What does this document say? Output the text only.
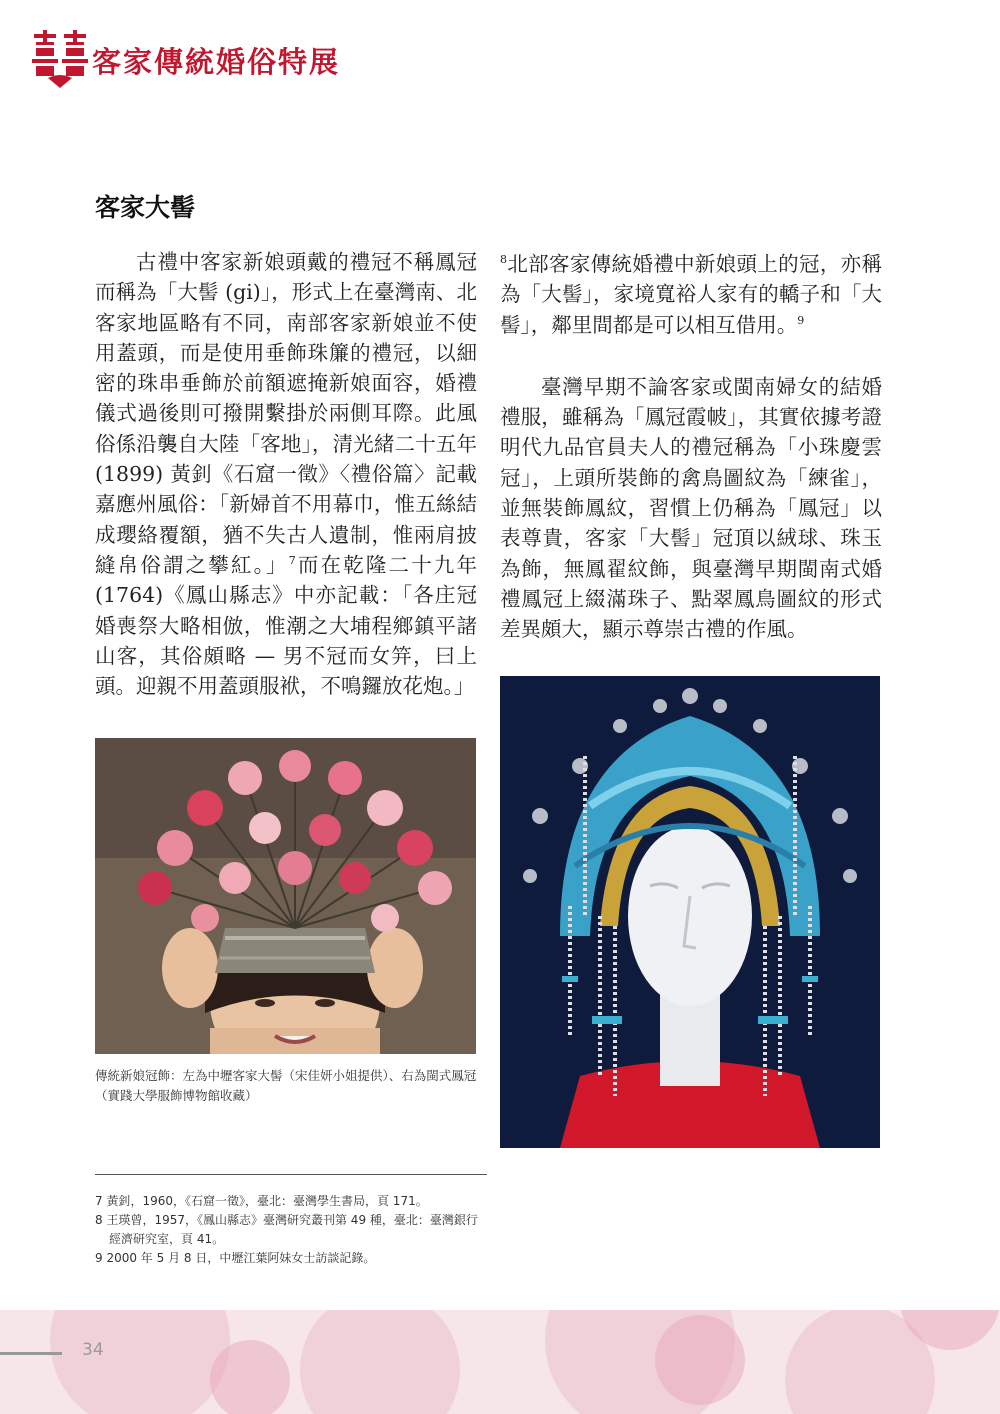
客家傳統婚俗特展
客家大髻

古禮中客家新娘頭戴的禮冠不稱鳳冠而稱為「大髻 (gi)」，形式上在臺灣南、北客家地區略有不同，南部客家新娘並不使用蓋頭，而是使用垂飾珠簾的禮冠，以細密的珠串垂飾於前額遮掩新娘面容，婚禮儀式過後則可撥開繫掛於兩側耳際。此風俗係沿襲自大陸「客地」，清光緒二十五年 (1899) 黃釗《石窟一徵》〈禮俗篇〉記載嘉應州風俗：「新婦首不用幕巾，惟五絲結成瓔絡覆額，猶不失古人遺制，惟兩肩披縫帛俗謂之攀紅。」$^7$而在乾隆二十九年 (1764)《鳳山縣志》中亦記載：「各庄冠婚喪祭大略相倣，惟潮之大埔程鄉鎮平諸山客，其俗頗略 — 男不冠而女笄，曰上頭。迎親不用蓋頭服袱，不鳴鑼放花炮。」

$^8$北部客家傳統婚禮中新娘頭上的冠，亦稱為「大髻」，家境寬裕人家有的轎子和「大髻」，鄰里間都是可以相互借用。$^9$

臺灣早期不論客家或閩南婦女的結婚禮服，雖稱為「鳳冠霞帔」，其實依據考證明代九品官員夫人的禮冠稱為「小珠慶雲冠」，上頭所裝飾的禽鳥圖紋為「練雀」，並無裝飾鳳紋，習慣上仍稱為「鳳冠」以表尊貴，客家「大髻」冠頂以絨球、珠玉為飾，無鳳翟紋飾，與臺灣早期閩南式婚禮鳳冠上綴滿珠子、點翠鳳鳥圖紋的形式差異頗大，顯示尊崇古禮的作風。

傳統新娘冠飾：左為中壢客家大髻（宋佳妍小姐提供）、右為閩式鳳冠（實踐大學服飾博物館收藏）

7 黃釗，1960，《石窟一徵》，臺北：臺灣學生書局，頁 171。

8 王瑛曾，1957，《鳳山縣志》臺灣研究叢刊第 49 種，臺北：臺灣銀行經濟研究室，頁 41。

9 2000 年 5 月 8 日，中壢江葉阿妹女士訪談記錄。

34
